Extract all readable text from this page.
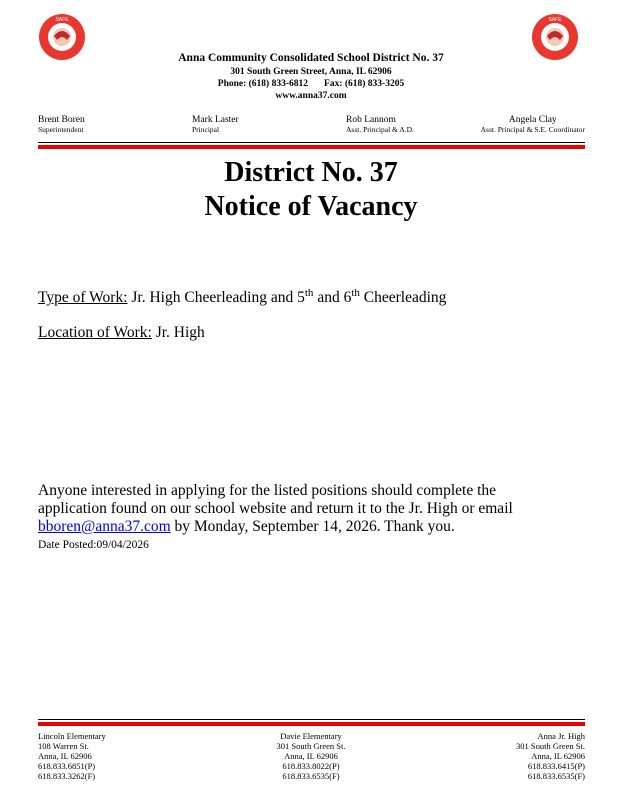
SAFE	SAFE
Anna Community Consolidated School District No. 37
301 South Green Street, Anna, IL 62906
Phone: (618) 833-6812 Fax: (618) 833-3205
www.anna37.com
Brent Boren
Superintendent
Mark Laster
Principal
Rob Lannom
Asst. Principal & A.D.
Angela Clay
Asst. Principal & S.E. Coordinator
District No. 37
Notice of Vacancy
Type of Work: Jr. High Cheerleading and 5th and 6th Cheerleading
Location of Work: Jr. High
Anyone interested in applying for the listed positions should complete the
application found on our school website and return it to the Jr. High or email
bboren@anna37.com by Monday, September 14, 2026. Thank you.
Date Posted:09/04/2026
Lincoln Elementary
108 Warren St.
Anna, IL 62906
618.833.6851(P)
618.833.3262(F)
Davie Elementary
301 South Green St.
Anna, IL 62906
618.833.8022(P)
618.833.6535(F)
Anna Jr. High
301 South Green St.
Anna, IL 62906
618.833.6415(P)
618.833.6535(F)
